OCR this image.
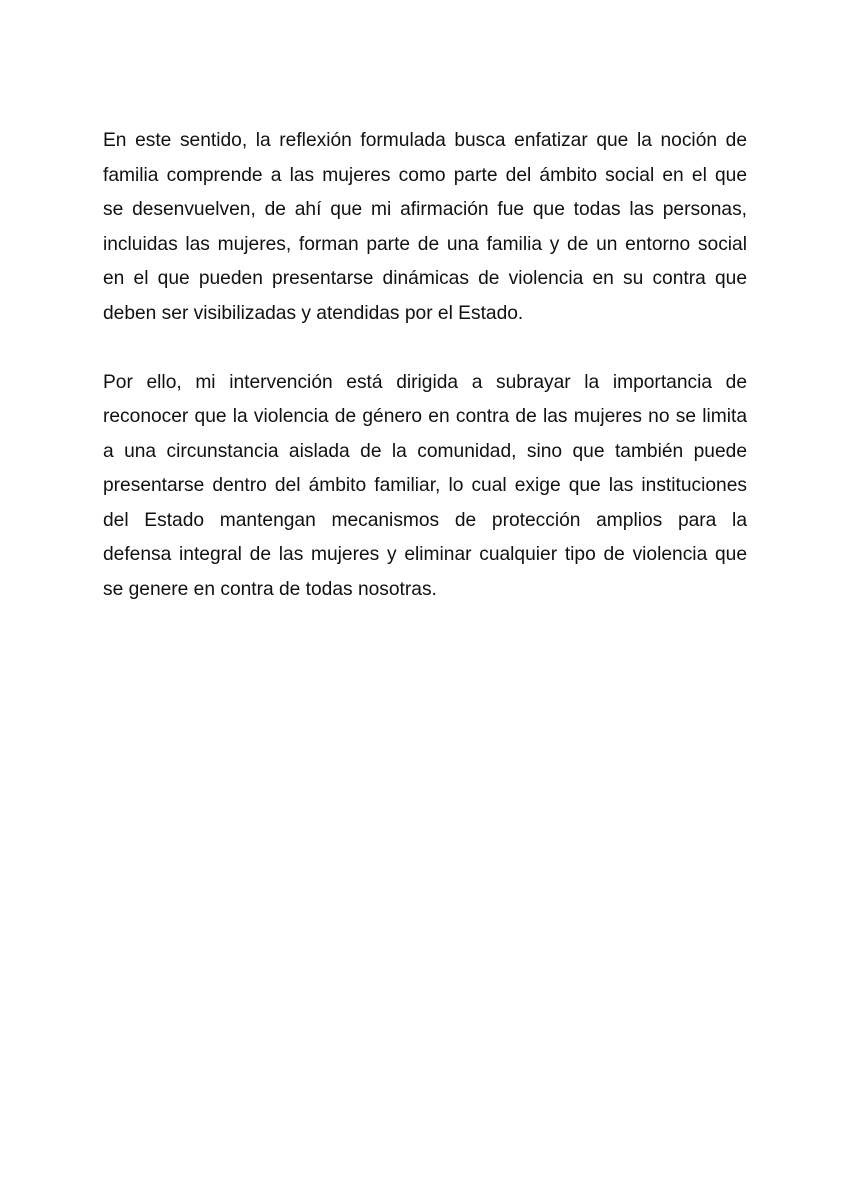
En este sentido, la reflexión formulada busca enfatizar que la noción de
familia comprende a las mujeres como parte del ámbito social en el que
se desenvuelven, de ahí que mi afirmación fue que todas las personas,
incluidas las mujeres, forman parte de una familia y de un entorno social
en el que pueden presentarse dinámicas de violencia en su contra que
deben ser visibilizadas y atendidas por el Estado.
Por ello, mi intervención está dirigida a subrayar la importancia de
reconocer que la violencia de género en contra de las mujeres no se limita
a una circunstancia aislada de la comunidad, sino que también puede
presentarse dentro del ámbito familiar, lo cual exige que las instituciones
del Estado mantengan mecanismos de protección amplios para la
defensa integral de las mujeres y eliminar cualquier tipo de violencia que
se genere en contra de todas nosotras.
